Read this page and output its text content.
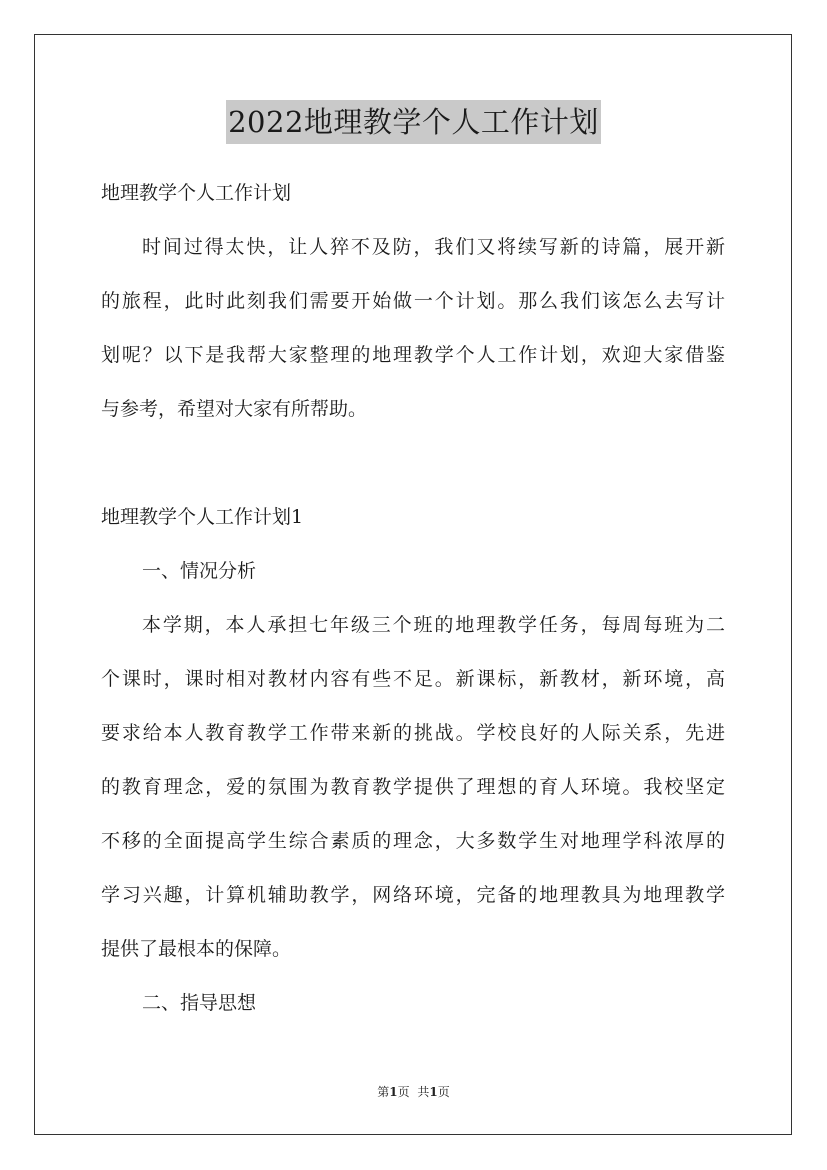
2022地理教学个人工作计划
地理教学个人工作计划
时间过得太快，让人猝不及防，我们又将续写新的诗篇，展开新
的旅程，此时此刻我们需要开始做一个计划。那么我们该怎么去写计
划呢？以下是我帮大家整理的地理教学个人工作计划，欢迎大家借鉴
与参考，希望对大家有所帮助。
地理教学个人工作计划1
一、情况分析
本学期，本人承担七年级三个班的地理教学任务，每周每班为二
个课时，课时相对教材内容有些不足。新课标，新教材，新环境，高
要求给本人教育教学工作带来新的挑战。学校良好的人际关系，先进
的教育理念，爱的氛围为教育教学提供了理想的育人环境。我校坚定
不移的全面提高学生综合素质的理念，大多数学生对地理学科浓厚的
学习兴趣，计算机辅助教学，网络环境，完备的地理教具为地理教学
提供了最根本的保障。
二、指导思想
第1页 共1页
